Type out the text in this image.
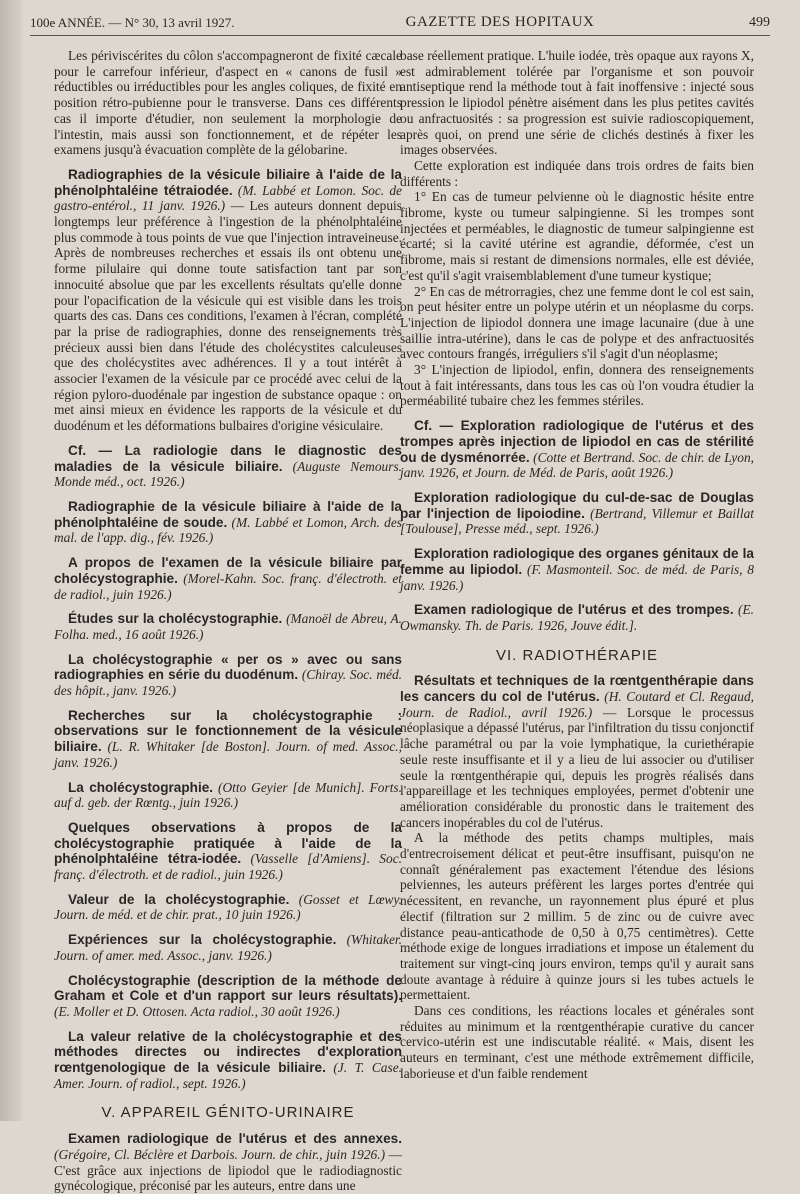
100e ANNÉE. — N° 30, 13 avril 1927.	GAZETTE DES HOPITAUX	499

Les périviscérites du côlon s'accompagneront de fixité cæcale pour le carrefour inférieur, d'aspect en « canons de fusil » réductibles ou irréductibles pour les angles coliques, de fixité en position rétro-pubienne pour le transverse. Dans ces différents cas il importe d'étudier, non seulement la morphologie de l'intestin, mais aussi son fonctionnement, et de répéter les examens jusqu'à évacuation complète de la gélobarine.

Radiographies de la vésicule biliaire à l'aide de la phénolphtaléine tétraiodée. (M. Labbé et Lomon. Soc. de gastro-entérol., 11 janv. 1926.) — Les auteurs donnent depuis longtemps leur préférence à l'ingestion de la phénolphtaléine plus commode à tous points de vue que l'injection intraveineuse. Après de nombreuses recherches et essais ils ont obtenu une forme pilulaire qui donne toute satisfaction tant par son innocuité absolue que par les excellents résultats qu'elle donne pour l'opacification de la vésicule qui est visible dans les trois quarts des cas. Dans ces conditions, l'examen à l'écran, complété par la prise de radiographies, donne des renseignements très précieux aussi bien dans l'étude des cholécystites calculeuses que des cholécystites avec adhérences. Il y a tout intérêt à associer l'examen de la vésicule par ce procédé avec celui de la région pyloro-duodénale par ingestion de substance opaque : on met ainsi mieux en évidence les rapports de la vésicule et du duodénum et les déformations bulbaires d'origine vésiculaire.
Cf. — La radiologie dans le diagnostic des maladies de la vésicule biliaire. (Auguste Nemours. Monde méd., oct. 1926.)
Radiographie de la vésicule biliaire à l'aide de la phénolphtaléine de soude. (M. Labbé et Lomon, Arch. des mal. de l'app. dig., fév. 1926.)
A propos de l'examen de la vésicule biliaire par cholécystographie. (Morel-Kahn. Soc. franç. d'électroth. et de radiol., juin 1926.)
Études sur la cholécystographie. (Manoël de Abreu, A. Folha. med., 16 août 1926.)
La cholécystographie « per os » avec ou sans radiographies en série du duodénum. (Chiray. Soc. méd. des hôpit., janv. 1926.)
Recherches sur la cholécystographie : observations sur le fonctionnement de la vésicule biliaire. (L. R. Whitaker [de Boston]. Journ. of med. Assoc., janv. 1926.)
La cholécystographie. (Otto Geyier [de Munich]. Forts. auf d. geb. der Rœntg., juin 1926.)
Quelques observations à propos de la cholécystographie pratiquée à l'aide de la phénolphtaléine tétra-iodée. (Vasselle [d'Amiens]. Soc. franç. d'électroth. et de radiol., juin 1926.)
Valeur de la cholécystographie. (Gosset et Lœwy. Journ. de méd. et de chir. prat., 10 juin 1926.)
Expériences sur la cholécystographie. (Whitaker. Journ. of amer. med. Assoc., janv. 1926.)
Cholécystographie (description de la méthode de Graham et Cole et d'un rapport sur leurs résultats). (E. Moller et D. Ottosen. Acta radiol., 30 août 1926.)
La valeur relative de la cholécystographie et des méthodes directes ou indirectes d'exploration rœntgenologique de la vésicule biliaire. (J. T. Case. Amer. Journ. of radiol., sept. 1926.)
V. APPAREIL GÉNITO-URINAIRE
Examen radiologique de l'utérus et des annexes. (Grégoire, Cl. Béclère et Darbois. Journ. de chir., juin 1926.) — C'est grâce aux injections de lipiodol que le radiodiagnostic gynécologique, préconisé par les auteurs, entre dans une

base réellement pratique. L'huile iodée, très opaque aux rayons X, est admirablement tolérée par l'organisme et son pouvoir antiseptique rend la méthode tout à fait inoffensive : injecté sous pression le lipiodol pénètre aisément dans les plus petites cavités ou anfractuosités : sa progression est suivie radioscopiquement, après quoi, on prend une série de clichés destinés à fixer les images observées.

Cette exploration est indiquée dans trois ordres de faits bien différents :

1° En cas de tumeur pelvienne où le diagnostic hésite entre fibrome, kyste ou tumeur salpingienne. Si les trompes sont injectées et perméables, le diagnostic de tumeur salpingienne est écarté; si la cavité utérine est agrandie, déformée, c'est un fibrome, mais si restant de dimensions normales, elle est déviée, c'est qu'il s'agit vraisemblablement d'une tumeur kystique;

2° En cas de métrorragies, chez une femme dont le col est sain, on peut hésiter entre un polype utérin et un néoplasme du corps. L'injection de lipiodol donnera une image lacunaire (due à une saillie intra-utérine), dans le cas de polype et des anfractuosités avec contours frangés, irréguliers s'il s'agit d'un néoplasme;

3° L'injection de lipiodol, enfin, donnera des renseignements tout à fait intéressants, dans tous les cas où l'on voudra étudier la perméabilité tubaire chez les femmes stériles.

Cf. — Exploration radiologique de l'utérus et des trompes après injection de lipiodol en cas de stérilité ou de dysménorrée. (Cotte et Bertrand. Soc. de chir. de Lyon, janv. 1926, et Journ. de Méd. de Paris, août 1926.)
Exploration radiologique du cul-de-sac de Douglas par l'injection de lipoiodine. (Bertrand, Villemur et Baillat [Toulouse], Presse méd., sept. 1926.)
Exploration radiologique des organes génitaux de la femme au lipiodol. (F. Masmonteil. Soc. de méd. de Paris, 8 janv. 1926.)
Examen radiologique de l'utérus et des trompes. (E. Owmansky. Th. de Paris. 1926, Jouve édit.].
VI. RADIOTHÉRAPIE
Résultats et techniques de la rœntgenthérapie dans les cancers du col de l'utérus. (H. Coutard et Cl. Regaud, Journ. de Radiol., avril 1926.) — Lorsque le processus néoplasique a dépassé l'utérus, par l'infiltration du tissu conjonctif lâche paramétral ou par la voie lymphatique, la curiethérapie seule reste insuffisante et il y a lieu de lui associer ou d'utiliser seule la rœntgenthérapie qui, depuis les progrès réalisés dans l'appareillage et les techniques employées, permet d'obtenir une amélioration considérable du pronostic dans le traitement des cancers inopérables du col de l'utérus.

A la méthode des petits champs multiples, mais d'entrecroisement délicat et peut-être insuffisant, puisqu'on ne connaît généralement pas exactement l'étendue des lésions pelviennes, les auteurs préfèrent les larges portes d'entrée qui nécessitent, en revanche, un rayonnement plus épuré et plus électif (filtration sur 2 millim. 5 de zinc ou de cuivre avec distance peau-anticathode de 0,50 à 0,75 centimètres). Cette méthode exige de longues irradiations et impose un étalement du traitement sur vingt-cinq jours environ, temps qu'il y aurait sans doute avantage à réduire à quinze jours si les tubes actuels le permettaient.

Dans ces conditions, les réactions locales et générales sont réduites au minimum et la rœntgenthérapie curative du cancer cervico-utérin est une indiscutable réalité. « Mais, disent les auteurs en terminant, c'est une méthode extrêmement difficile, laborieuse et d'un faible rendement
